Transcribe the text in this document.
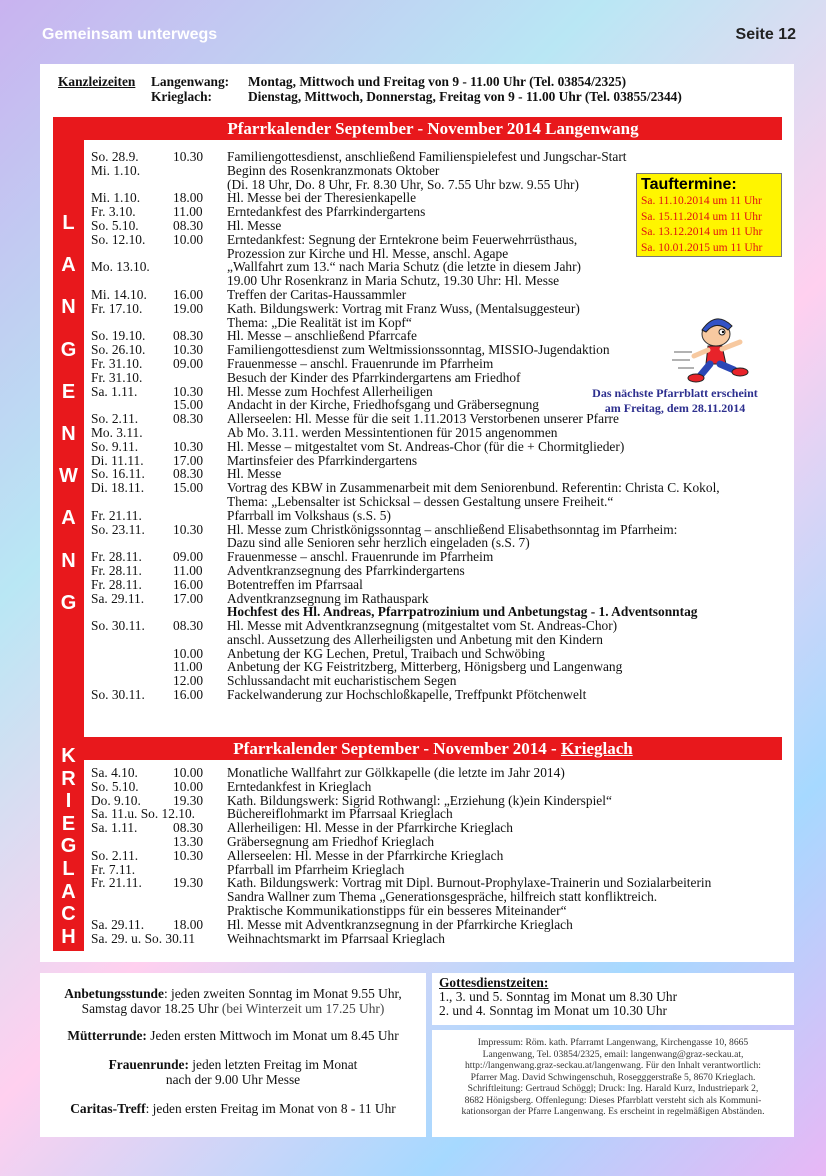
Gemeinsam unterwegs	Seite 12
Kanzleizeiten	Langenwang:	Montag, Mittwoch und Freitag von 9 - 11.00 Uhr (Tel. 03854/2325)
Krieglach:	Dienstag, Mittwoch, Donnerstag, Freitag von 9 - 11.00 Uhr (Tel. 03855/2344)
L
A
N
G
E
N
W
A
N
G
K
R
I
E
G
L
A
C
H
Pfarrkalender September - November 2014 Langenwang
Pfarrkalender September - November 2014 - Krieglach
So. 28.9.	10.30 Familiengottesdienst, anschließend Familienspielefest und Jungschar-Start
Mi. 1.10.	Beginn des Rosenkranzmonats Oktober
(Di. 18 Uhr, Do. 8 Uhr, Fr. 8.30 Uhr, So. 7.55 Uhr bzw. 9.55 Uhr)
Mi. 1.10. 18.00 Hl. Messe bei der Theresienkapelle
Fr. 3.10.	11.00 Erntedankfest des Pfarrkindergartens
So. 5.10.	08.30 Hl. Messe
So. 12.10. 10.00 Erntedankfest: Segnung der Erntekrone beim Feuerwehrrüsthaus,
Prozession zur Kirche und Hl. Messe, anschl. Agape
Mo. 13.10.	„Wallfahrt zum 13.“ nach Maria Schutz (die letzte in diesem Jahr)
19.00 Uhr Rosenkranz in Maria Schutz, 19.30 Uhr: Hl. Messe
Mi. 14.10. 16.00 Treffen der Caritas-Haussammler
Fr. 17.10. 19.00 Kath. Bildungswerk: Vortrag mit Franz Wuss, (Mentalsuggesteur)
Thema: „Die Realität ist im Kopf“
So. 19.10. 08.30 Hl. Messe – anschließend Pfarrcafe
So. 26.10. 10.30 Familiengottesdienst zum Weltmissionssonntag, MISSIO-Jugendaktion
Fr. 31.10. 09.00 Frauenmesse – anschl. Frauenrunde im Pfarrheim
Fr. 31.10.	Besuch der Kinder des Pfarrkindergartens am Friedhof
Sa. 1.11.	10.30 Hl. Messe zum Hochfest Allerheiligen
15.00 Andacht in der Kirche, Friedhofsgang und Gräbersegnung
So. 2.11.	08.30 Allerseelen: Hl. Messe für die seit 1.11.2013 Verstorbenen unserer Pfarre
Mo. 3.11.	Ab Mo. 3.11. werden Messintentionen für 2015 angenommen
So. 9.11.	10.30 Hl. Messe – mitgestaltet vom St. Andreas-Chor (für die + Chormitglieder)
Di. 11.11. 17.00 Martinsfeier des Pfarrkindergartens
So. 16.11. 08.30 Hl. Messe
Di. 18.11. 15.00 Vortrag des KBW in Zusammenarbeit mit dem Seniorenbund. Referentin: Christa C. Kokol,
Thema: „Lebensalter ist Schicksal – dessen Gestaltung unsere Freiheit.“
Fr. 21.11.	Pfarrball im Volkshaus (s.S. 5)
So. 23.11. 10.30 Hl. Messe zum Christkönigssonntag – anschließend Elisabethsonntag im Pfarrheim:
Dazu sind alle Senioren sehr herzlich eingeladen (s.S. 7)
Fr. 28.11. 09.00 Frauenmesse – anschl. Frauenrunde im Pfarrheim
Fr. 28.11. 11.00 Adventkranzsegnung des Pfarrkindergartens
Fr. 28.11. 16.00 Botentreffen im Pfarrsaal
Sa. 29.11. 17.00 Adventkranzsegnung im Rathauspark
Hochfest des Hl. Andreas, Pfarrpatrozinium und Anbetungstag - 1. Adventsonntag
So. 30.11. 08.30 Hl. Messe mit Adventkranzsegnung (mitgestaltet vom St. Andreas-Chor)
anschl. Aussetzung des Allerheiligsten und Anbetung mit den Kindern
10.00 Anbetung der KG Lechen, Pretul, Traibach und Schwöbing
11.00 Anbetung der KG Feistritzberg, Mitterberg, Hönigsberg und Langenwang
12.00 Schlussandacht mit eucharistischem Segen
So. 30.11. 16.00 Fackelwanderung zur Hochschloßkapelle, Treffpunkt Pfötchenwelt
Sa. 4.10.	10.00 Monatliche Wallfahrt zur Gölkkapelle (die letzte im Jahr 2014)
So. 5.10.	10.00 Erntedankfest in Krieglach
Do. 9.10. 19.30 Kath. Bildungswerk: Sigrid Rothwangl: „Erziehung (k)ein Kinderspiel“
Sa. 11.u. So. 12.10. Büchereiflohmarkt im Pfarrsaal Krieglach
Sa. 1.11.	08.30 Allerheiligen: Hl. Messe in der Pfarrkirche Krieglach
13.30 Gräbersegnung am Friedhof Krieglach
So. 2.11.	10.30 Allerseelen: Hl. Messe in der Pfarrkirche Krieglach
Fr. 7.11.	Pfarrball im Pfarrheim Krieglach
Fr. 21.11. 19.30 Kath. Bildungswerk: Vortrag mit Dipl. Burnout-Prophylaxe-Trainerin und Sozialarbeiterin
Sandra Wallner zum Thema „Generationsgespräche, hilfreich statt konfliktreich.
Praktische Kommunikationstipps für ein besseres Miteinander“
Sa. 29.11. 18.00 Hl. Messe mit Adventkranzsegnung in der Pfarrkirche Krieglach
Sa. 29. u. So. 30.11 Weihnachtsmarkt im Pfarrsaal Krieglach
Tauftermine:
Sa. 11.10.2014 um 11 Uhr
Sa. 15.11.2014 um 11 Uhr
Sa. 13.12.2014 um 11 Uhr
Sa. 10.01.2015 um 11 Uhr
Das nächste Pfarrblatt erscheint
am Freitag, dem 28.11.2014
Anbetungsstunde: jeden zweiten Sonntag im Monat 9.55 Uhr,
Samstag davor 18.25 Uhr (bei Winterzeit um 17.25 Uhr)
Mütterrunde: Jeden ersten Mittwoch im Monat um 8.45 Uhr
Frauenrunde: jeden letzten Freitag im Monat
nach der 9.00 Uhr Messe
Caritas-Treff: jeden ersten Freitag im Monat von 8 - 11 Uhr
Gottesdienstzeiten:
1., 3. und 5. Sonntag im Monat um 8.30 Uhr
2. und 4. Sonntag im Monat um 10.30 Uhr
Impressum: Röm. kath. Pfarramt Langenwang, Kirchengasse 10, 8665
Langenwang, Tel. 03854/2325, email: langenwang@graz-seckau.at,
http://langenwang.graz-seckau.at/langenwang. Für den Inhalt verantwortlich:
Pfarrer Mag. David Schwingenschuh, Rosegggerstraße 5, 8670 Krieglach.
Schriftleitung: Gertraud Schöggl; Druck: Ing. Harald Kurz, Industriepark 2,
8682 Hönigsberg. Offenlegung: Dieses Pfarrblatt versteht sich als Kommuni-
kationsorgan der Pfarre Langenwang. Es erscheint in regelmäßigen Abständen.
